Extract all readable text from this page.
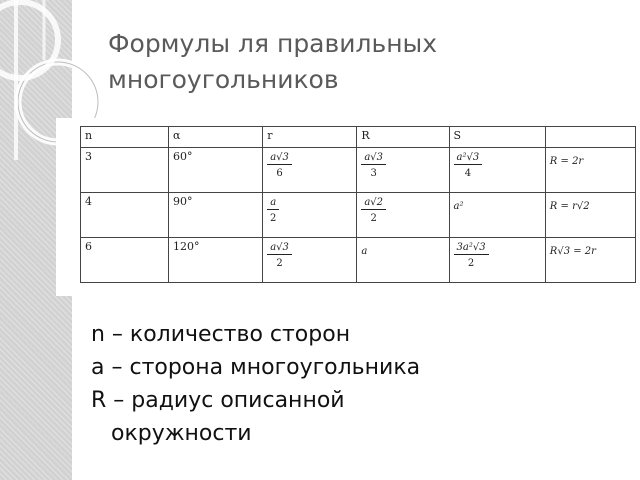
Формулы ля правильных многоугольников
n	α	r	R	S	
3	60°	$\frac{a√3}{6}$	$\frac{a√3}{3}$	$\frac{\text{a²√3}}{4}$	R = 2r
4	90°	$\frac{a}{2}$	$\frac{a√2}{2}$	a²	R = r√2
6	120°	$\frac{a√3}{2}$	a	$\frac{\text{3a²√3}}{2}$	R√3 = 2r
n – количество сторон
a – сторона многоугольника
R – радиус описанной
окружности
